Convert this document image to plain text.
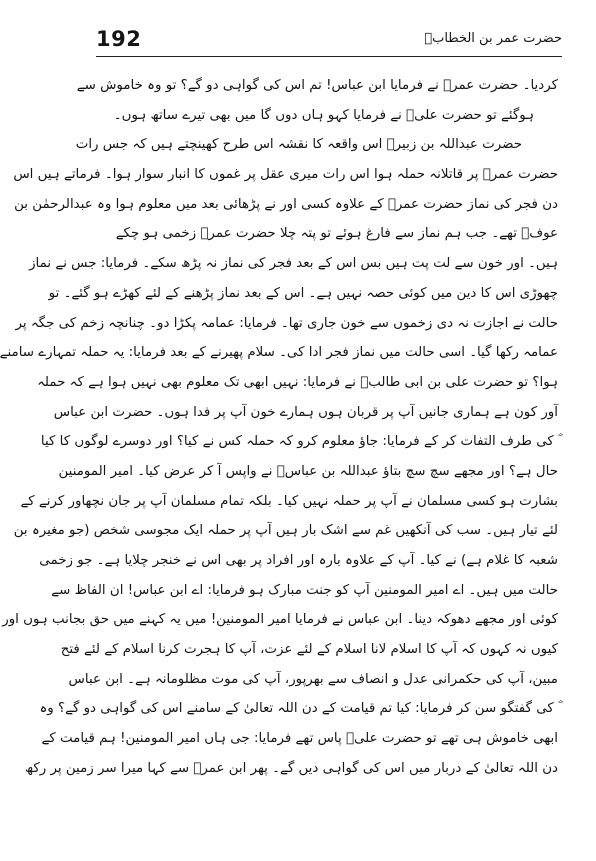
192	حضرت عمر بن الخطابؓ
کردیا۔ حضرت عمرؓ نے فرمایا ابن عباس! تم اس کی گواہی دو گے؟ تو وہ خاموش سے
ہوگئے تو حضرت علیؓ نے فرمایا کہو ہاں دوں گا میں بھی تیرے ساتھ ہوں۔
حضرت عبداللہ بن زبیرؓ اس واقعہ کا نقشہ اس طرح کھینچتے ہیں کہ جس رات
حضرت عمرؓ پر قاتلانہ حملہ ہوا اس رات میری عقل پر غموں کا انبار سوار ہوا۔ فرماتے ہیں اس
دن فجر کی نماز حضرت عمرؓ کے علاوہ کسی اور نے پڑھائی بعد میں معلوم ہوا وہ عبدالرحمٰن بن
عوفؓ تھے۔ جب ہم نماز سے فارغ ہوئے تو پتہ چلا حضرت عمرؓ زخمی ہو چکے
ہیں۔ اور خون سے لت پت ہیں بس اس کے بعد فجر کی نماز نہ پڑھ سکے۔ فرمایا: جس نے نماز
چھوڑی اس کا دین میں کوئی حصہ نہیں ہے۔ اس کے بعد نماز پڑھنے کے لئے کھڑے ہو گئے۔ تو
حالت نے اجازت نہ دی زخموں سے خون جاری تھا۔ فرمایا: عمامہ پکڑا دو۔ چنانچہ زخم کی جگہ پر
عمامہ رکھا گیا۔ اسی حالت میں نماز فجر ادا کی۔ سلام پھیرنے کے بعد فرمایا: یہ حملہ تمہارے سامنے
ہوا؟ تو حضرت علی بن ابی طالبؓ نے فرمایا: نہیں ابھی تک معلوم بھی نہیں ہوا ہے کہ حملہ
آور کون ہے ہماری جانیں آپ پر قربان ہوں ہمارے خون آپ پر فدا ہوں۔ حضرت ابن عباس
ؓ کی طرف التفات کر کے فرمایا: جاؤ معلوم کرو کہ حملہ کس نے کیا؟ اور دوسرے لوگوں کا کیا
حال ہے؟ اور مجھے سچ سچ بتاؤ عبداللہ بن عباسؓ نے واپس آ کر عرض کیا۔ امیر المومنین
بشارت ہو کسی مسلمان نے آپ پر حملہ نہیں کیا۔ بلکہ تمام مسلمان آپ پر جان نچھاور کرنے کے
لئے تیار ہیں۔ سب کی آنکھیں غم سے اشک بار ہیں آپ پر حملہ ایک مجوسی شخص (جو مغیرہ بن
شعبہ کا غلام ہے) نے کیا۔ آپ کے علاوہ بارہ اور افراد پر بھی اس نے خنجر چلایا ہے۔ جو زخمی
حالت میں ہیں۔ اے امیر المومنین آپ کو جنت مبارک ہو فرمایا: اے ابن عباس! ان الفاظ سے
کوئی اور مجھے دھوکہ دینا۔ ابن عباس نے فرمایا امیر المومنین! میں یہ کہنے میں حق بجانب ہوں اور
کیوں نہ کہوں کہ آپ کا اسلام لانا اسلام کے لئے عزت، آپ کا ہجرت کرنا اسلام کے لئے فتح
مبین، آپ کی حکمرانی عدل و انصاف سے بھرپور، آپ کی موت مظلومانہ ہے۔ ابن عباس
ؓ کی گفتگو سن کر فرمایا: کیا تم قیامت کے دن اللہ تعالیٰ کے سامنے اس کی گواہی دو گے؟ وہ
ابھی خاموش ہی تھے تو حضرت علیؓ پاس تھے فرمایا: جی ہاں امیر المومنین! ہم قیامت کے
دن اللہ تعالیٰ کے دربار میں اس کی گواہی دیں گے۔ پھر ابن عمرؓ سے کہا میرا سر زمین پر رکھ
